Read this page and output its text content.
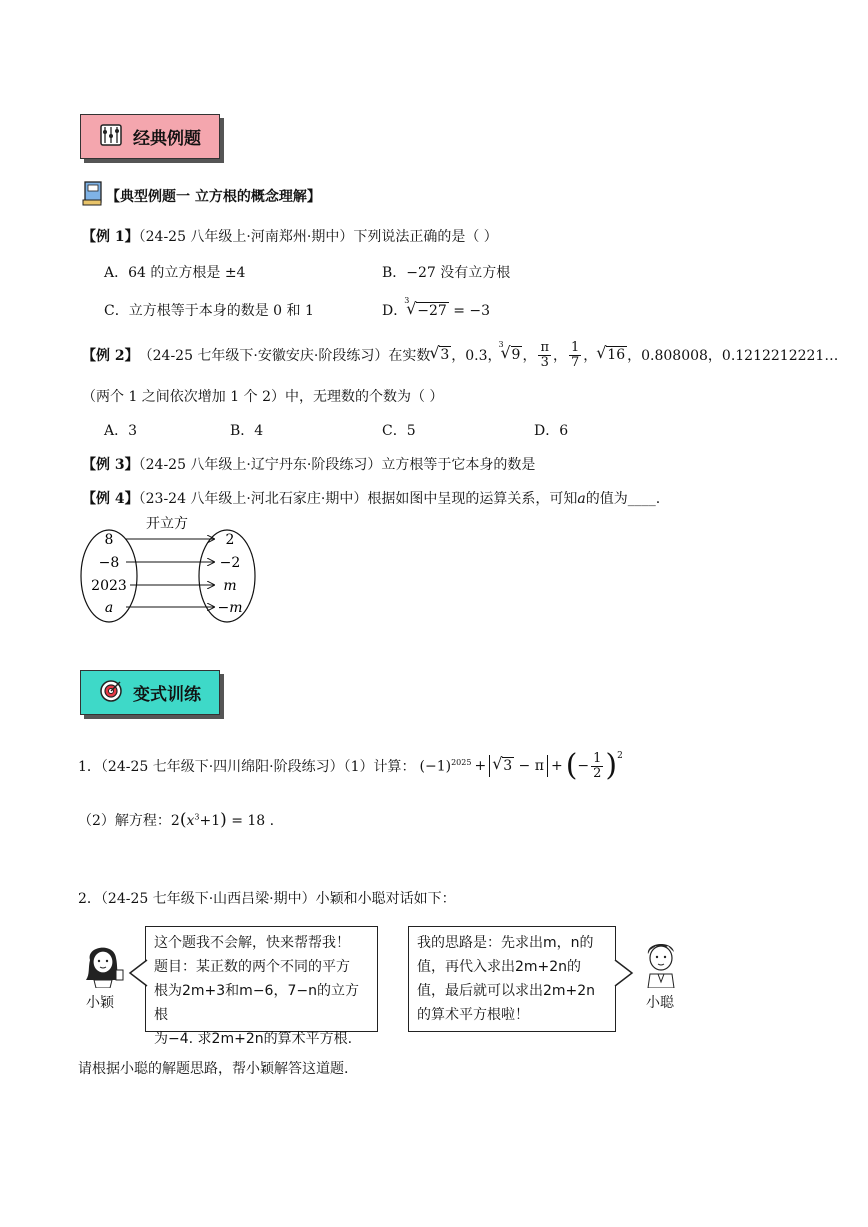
经典例题
【典型例题一 立方根的概念理解】
【例 1】（24-25 八年级上·河南郑州·期中）下列说法正确的是（ ）
A．64 的立方根是 ±4	B．−27 没有立方根
C．立方根等于本身的数是 0 和 1	D．
√ 3
−27 = −3
【例 2】 （24-25 七年级下·安徽安庆·阶段练习）在实数 √ 3 ，0.3，
√ 3
9 ， $\frac{\pi}{3}$ ， $\frac{1}{7}$ ， √ 16 ，0.808008，0.1212212221…
（两个 1 之间依次增加 1 个 2）中，无理数的个数为（ ）
A．3	B．4	C．5	D．6
【例 3】（24-25 八年级上·辽宁丹东·阶段练习）立方根等于它本身的数是
【例 4】（23-24 八年级上·河北石家庄·期中）根据如图中呈现的运算关系，可知a的值为____.
开立方
8
−8
2023
a
2
−2
m
−m
变式训练
1．（24-25 七年级下·四川绵阳·阶段练习）（1）计算： $(-1)^{2025}$ +	√ 3 − π + ( − $\frac{1}{2} )^2$
（2）解方程：$2(x^3+1) = 18$ .
2．（24-25 七年级下·山西吕梁·期中）小颖和小聪对话如下：
小颖
这个题我不会解，快来帮帮我！
题目：某正数的两个不同的平方
根为2m+3和m−6，7−n的立方根
为−4. 求2m+2n的算术平方根.
我的思路是：先求出m，n的
值，再代入求出2m+2n的
值，最后就可以求出2m+2n
的算术平方根啦！
小聪
请根据小聪的解题思路，帮小颖解答这道题.
